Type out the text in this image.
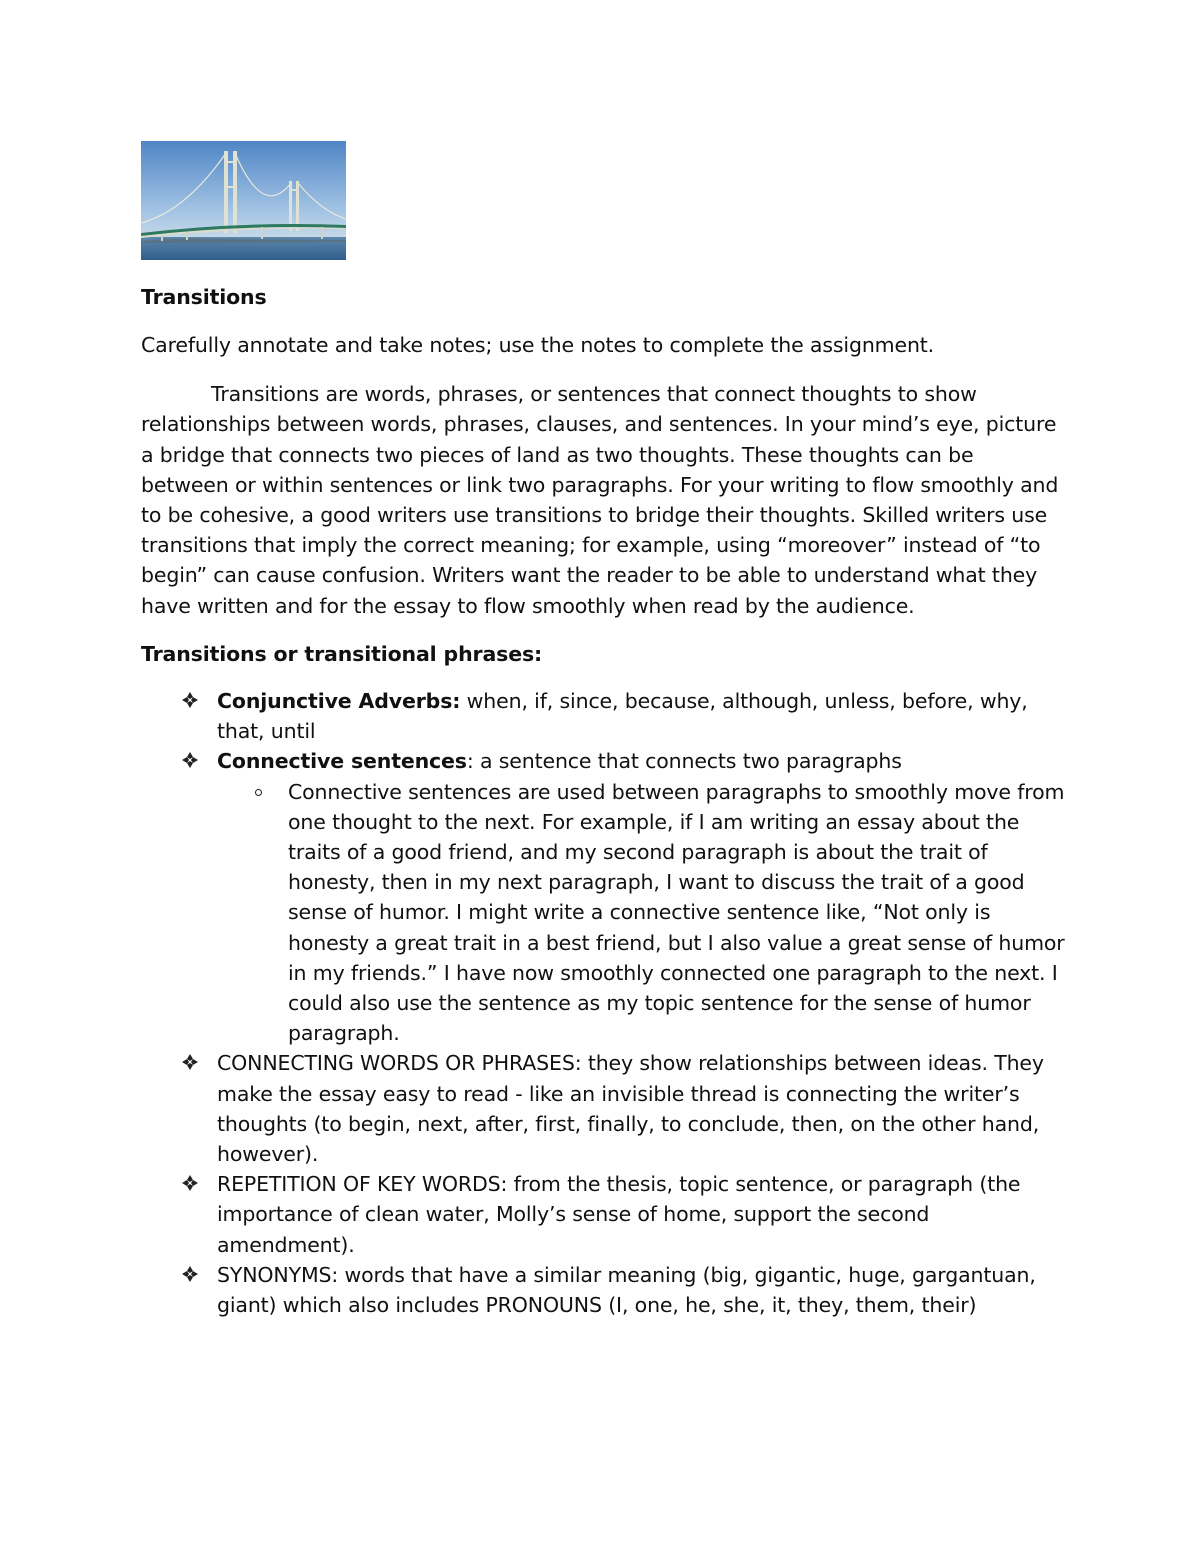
Transitions

Carefully annotate and take notes; use the notes to complete the assignment.

Transitions are words, phrases, or sentences that connect thoughts to show relationships between words, phrases, clauses, and sentences. In your mind’s eye, picture a bridge that connects two pieces of land as two thoughts. These thoughts can be between or within sentences or link two paragraphs. For your writing to flow smoothly and to be cohesive, a good writers use transitions to bridge their thoughts. Skilled writers use transitions that imply the correct meaning; for example, using “moreover” instead of “to begin” can cause confusion. Writers want the reader to be able to understand what they have written and for the essay to flow smoothly when read by the audience.

Transitions or transitional phrases:

Conjunctive Adverbs: when, if, since, because, although, unless, before, why, that, until
Connective sentences: a sentence that connects two paragraphs
Connective sentences are used between paragraphs to smoothly move from one thought to the next. For example, if I am writing an essay about the traits of a good friend, and my second paragraph is about the trait of honesty, then in my next paragraph, I want to discuss the trait of a good sense of humor. I might write a connective sentence like, “Not only is honesty a great trait in a best friend, but I also value a great sense of humor in my friends.” I have now smoothly connected one paragraph to the next. I could also use the sentence as my topic sentence for the sense of humor paragraph.
CONNECTING WORDS OR PHRASES: they show relationships between ideas. They make the essay easy to read - like an invisible thread is connecting the writer’s thoughts (to begin, next, after, first, finally, to conclude, then, on the other hand, however).
REPETITION OF KEY WORDS: from the thesis, topic sentence, or paragraph (the importance of clean water, Molly’s sense of home, support the second amendment).
SYNONYMS: words that have a similar meaning (big, gigantic, huge, gargantuan, giant) which also includes PRONOUNS (I, one, he, she, it, they, them, their)
